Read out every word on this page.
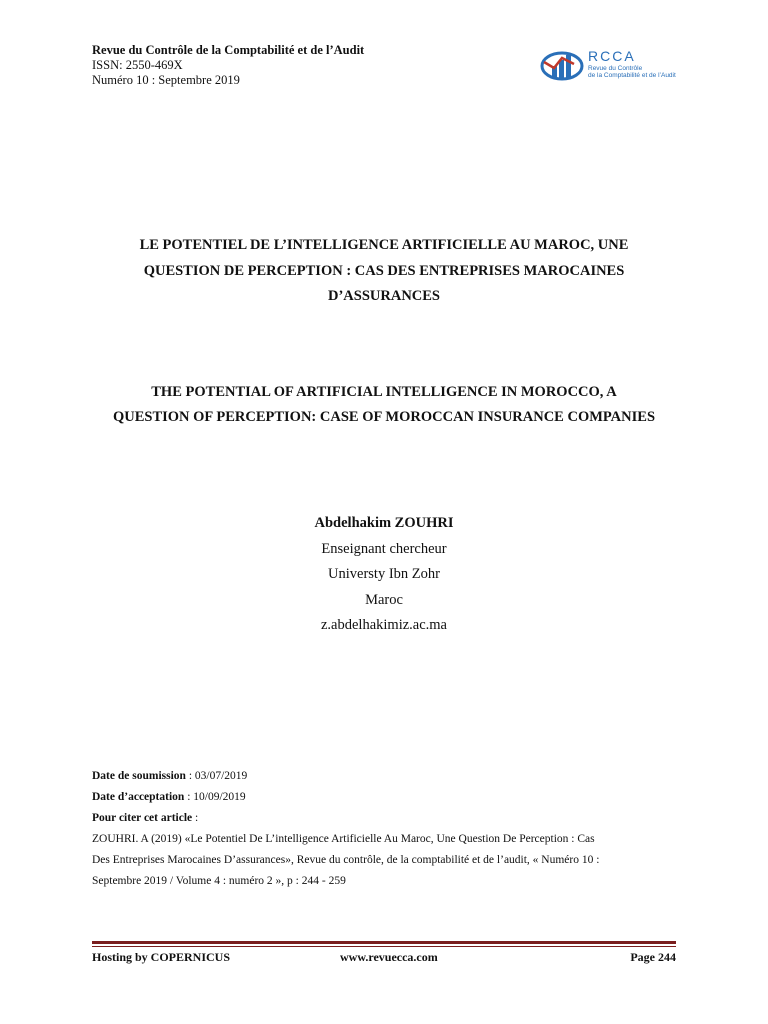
Revue du Contrôle de la Comptabilité et de l’Audit
ISSN: 2550-469X
Numéro 10 : Septembre 2019
RCCA
Revue du Contrôle
de la Comptabilité et de l’Audit
LE POTENTIEL DE L’INTELLIGENCE ARTIFICIELLE AU MAROC, UNE
QUESTION DE PERCEPTION : CAS DES ENTREPRISES MAROCAINES
D’ASSURANCES
THE POTENTIAL OF ARTIFICIAL INTELLIGENCE IN MOROCCO, A
QUESTION OF PERCEPTION: CASE OF MOROCCAN INSURANCE COMPANIES
Abdelhakim ZOUHRI
Enseignant chercheur
Universty Ibn Zohr
Maroc
z.abdelhakimiz.ac.ma
Date de soumission : 03/07/2019
Date d’acceptation : 10/09/2019
Pour citer cet article :
ZOUHRI. A (2019) «Le Potentiel De L’intelligence Artificielle Au Maroc, Une Question De Perception : Cas
Des Entreprises Marocaines D’assurances», Revue du contrôle, de la comptabilité et de l’audit, « Numéro 10 :
Septembre 2019 / Volume 4 : numéro 2 », p : 244 - 259
Hosting by COPERNICUS	www.revuecca.com	Page 244
